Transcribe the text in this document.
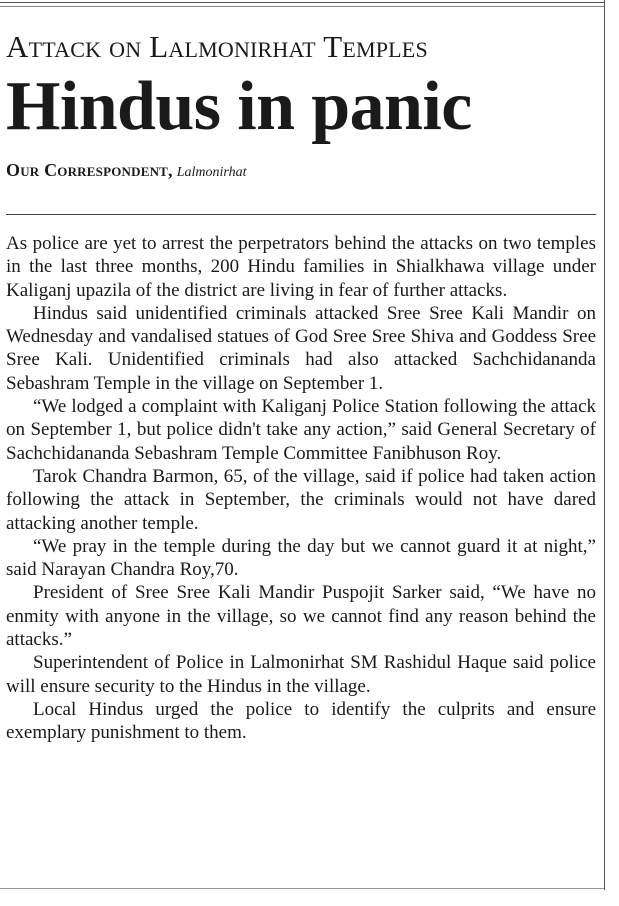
Attack on Lalmonirhat Temples
Hindus in panic
Our Correspondent, Lalmonirhat

As police are yet to arrest the perpetrators behind the attacks on two temples in the last three months, 200 Hindu families in Shialkhawa village under Kaliganj upazila of the district are living in fear of further attacks.

Hindus said unidentified criminals attacked Sree Sree Kali Mandir on Wednesday and vandalised statues of God Sree Sree Shiva and Goddess Sree Sree Kali. Unidentified criminals had also attacked Sachchidananda Sebashram Temple in the village on September 1.

“We lodged a complaint with Kaliganj Police Station following the attack on September 1, but police didn't take any action,” said General Secretary of Sachchidananda Sebashram Temple Committee Fanibhuson Roy.

Tarok Chandra Barmon, 65, of the village, said if police had taken action following the attack in September, the criminals would not have dared attacking another temple.

“We pray in the temple during the day but we cannot guard it at night,” said Narayan Chandra Roy,70.

President of Sree Sree Kali Mandir Puspojit Sarker said, “We have no enmity with anyone in the village, so we cannot find any reason behind the attacks.”

Superintendent of Police in Lalmonirhat SM Rashidul Haque said police will ensure security to the Hindus in the village.

Local Hindus urged the police to identify the culprits and ensure exemplary punishment to them.
